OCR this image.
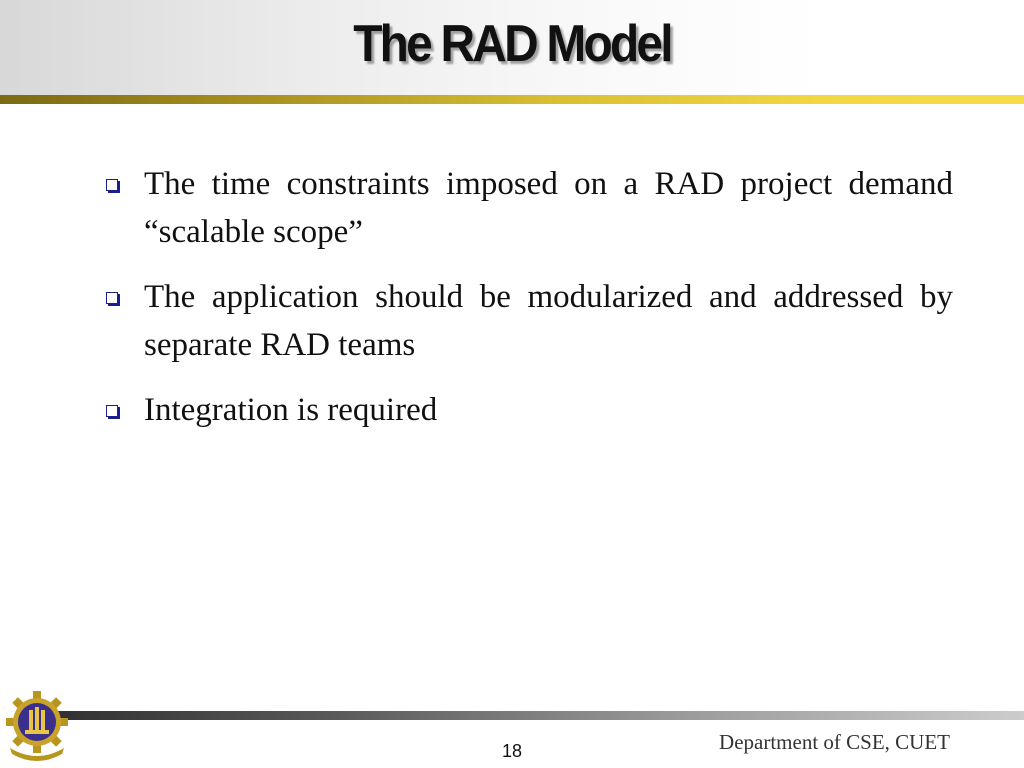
The RAD Model
The time constraints imposed on a RAD project demand “scalable scope”
The application should be modularized and addressed by separate RAD teams
Integration is required
18	Department of CSE, CUET
